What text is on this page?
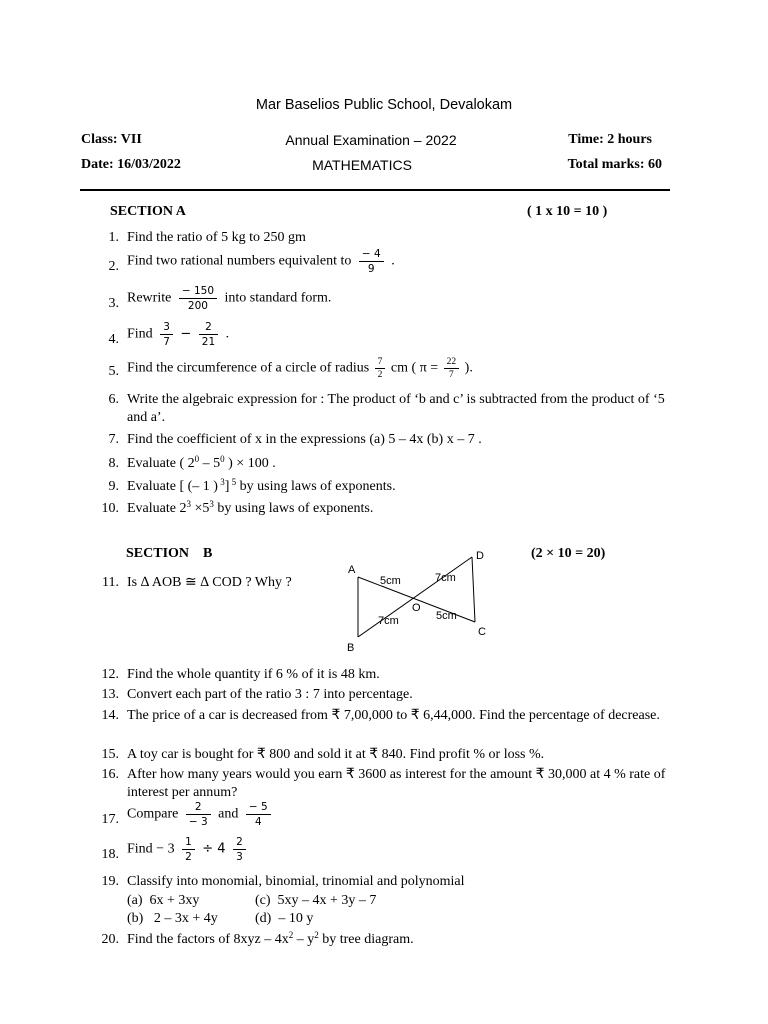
Mar Baselios Public School, Devalokam
Class: VII	Annual Examination – 2022	Time: 2 hours
Date: 16/03/2022	MATHEMATICS	Total marks: 60
SECTION A	( 1 x 10 = 10 )
1. Find the ratio of 5 kg to 250 gm
2. Find two rational numbers equivalent to $\frac{- 4}{9}$ .
3. Rewrite $\frac{- 150}{200}$ into standard form.
4. Find $\frac{3}{7} - \frac{2}{21}$ .
5. Find the circumference of a circle of radius $\frac{7}{2}$ cm ( $\pi = \frac{22}{7}$ ).
6. Write the algebraic expression for : The product of ‘b and c’ is subtracted from the product of ‘5 and a’.
7. Find the coefficient of x in the expressions (a) 5 – 4x (b) x – 7 .
8. Evaluate ( $2^0 - 5^0$ ) × 100 .
9. Evaluate [ (– 1 ) $^3$] $^5$ by using laws of exponents.
10. Evaluate $2^3 \times 5^3$ by using laws of exponents.
SECTION    B	(2 × 10 = 20)
11. Is ∆ AOB ≅ ∆ COD ? Why ?
A
B
C
D
O
5cm	7cm
7cm	5cm
12. Find the whole quantity if 6 % of it is 48 km.
13. Convert each part of the ratio 3 : 7 into percentage.
14. The price of a car is decreased from ₹ 7,00,000 to ₹ 6,44,000. Find the percentage of decrease.
15. A toy car is bought for ₹ 800 and sold it at ₹ 840. Find profit % or loss %.
16. After how many years would you earn ₹ 3600 as interest for the amount ₹ 30,000 at 4 % rate of interest per annum?
17. Compare $\frac{2}{- 3}$ and $\frac{- 5}{4}$
18. Find − $3 \frac{1}{2} \div 4 \frac{2}{3}$
19. Classify into monomial, binomial, trinomial and polynomial
(a)  6x + 3xy	(c)  5xy – 4x + 3y – 7
(b)   2 – 3x + 4y	(d)  – 10 y
20. Find the factors of $8xyz - 4x^2 - y^2$ by tree diagram.
